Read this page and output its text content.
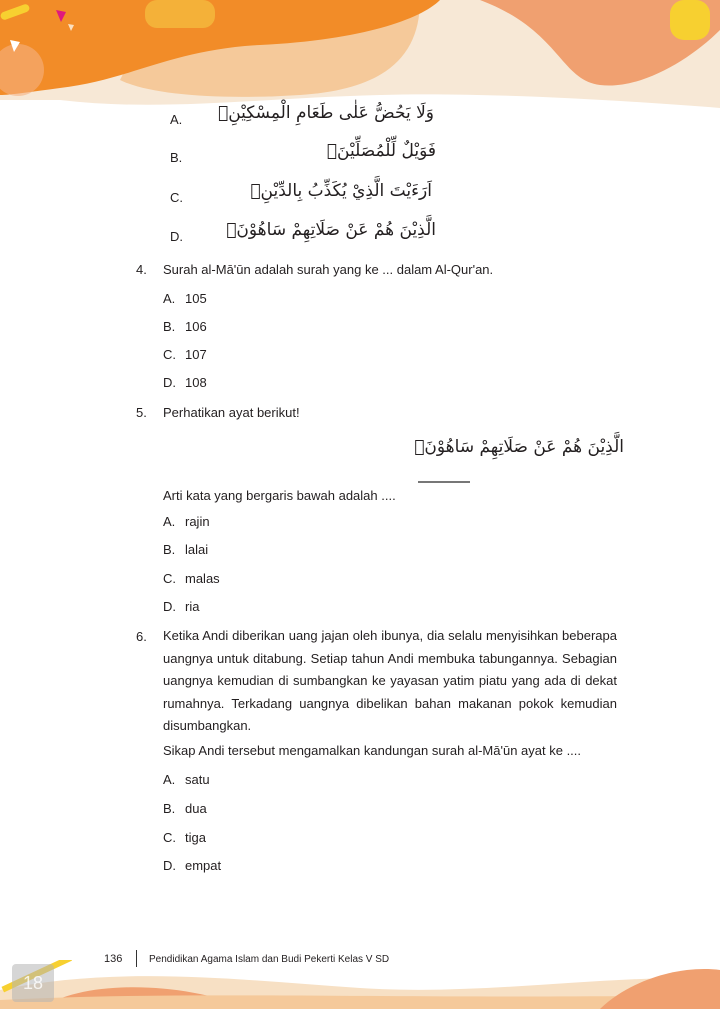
A. وَلَا يَحُضُّ عَلٰى طَعَامِ الْمِسْكِيْنِۗ
B.	فَوَيْلٌ لِّلْمُصَلِّيْنَۙ
C.	اَرَءَيْتَ الَّذِيْ يُكَذِّبُ بِالدِّيْنِۗ
D.	الَّذِيْنَ هُمْ عَنْ صَلَاتِهِمْ سَاهُوْنَۙ
4. Surah al-Mā'ūn adalah surah yang ke ... dalam Al-Qur'an.
A. 105
B. 106
C. 107
D. 108
5. Perhatikan ayat berikut!
الَّذِيْنَ هُمْ عَنْ صَلَاتِهِمْ سَاهُوْنَۙ
Arti kata yang bergaris bawah adalah ....
A. rajin
B. lalai
C. malas
D. ria
6. Ketika Andi diberikan uang jajan oleh ibunya, dia selalu menyisihkan beberapa uangnya untuk ditabung. Setiap tahun Andi membuka tabungannya. Sebagian uangnya kemudian di sumbangkan ke yayasan yatim piatu yang ada di dekat rumahnya. Terkadang uangnya dibelikan bahan makanan pokok kemudian disumbangkan.
Sikap Andi tersebut mengamalkan kandungan surah al-Mā'ūn ayat ke ....
A. satu
B. dua
C. tiga
D. empat
136	Pendidikan Agama Islam dan Budi Pekerti Kelas V SD
18
